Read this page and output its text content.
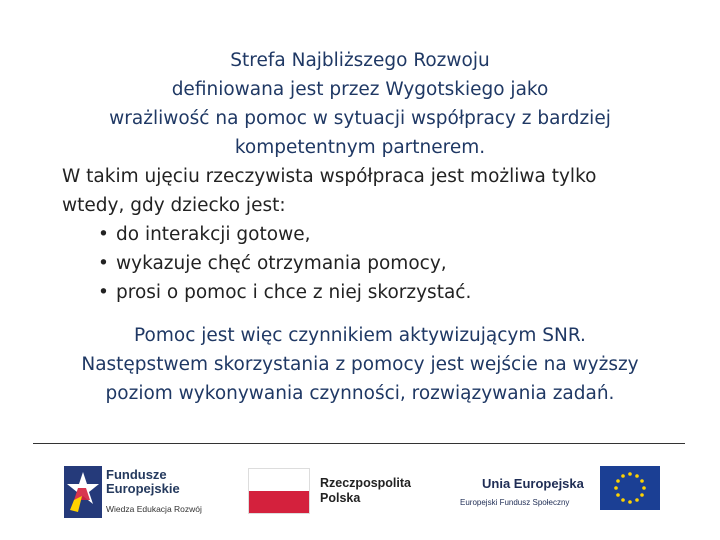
Strefa Najbliższego Rozwoju
definiowana jest przez Wygotskiego jako
wrażliwość na pomoc w sytuacji współpracy z bardziej
kompetentnym partnerem.
W takim ujęciu rzeczywista współpraca jest możliwa tylko
wtedy, gdy dziecko jest:
• do interakcji gotowe,
• wykazuje chęć otrzymania pomocy,
• prosi o pomoc i chce z niej skorzystać.
Pomoc jest więc czynnikiem aktywizującym SNR.
Następstwem skorzystania z pomocy jest wejście na wyższy
poziom wykonywania czynności, rozwiązywania zadań.
Fundusze
Europejskie
Wiedza Edukacja Rozwój
Rzeczpospolita
Polska
Unia Europejska
Europejski Fundusz Społeczny
